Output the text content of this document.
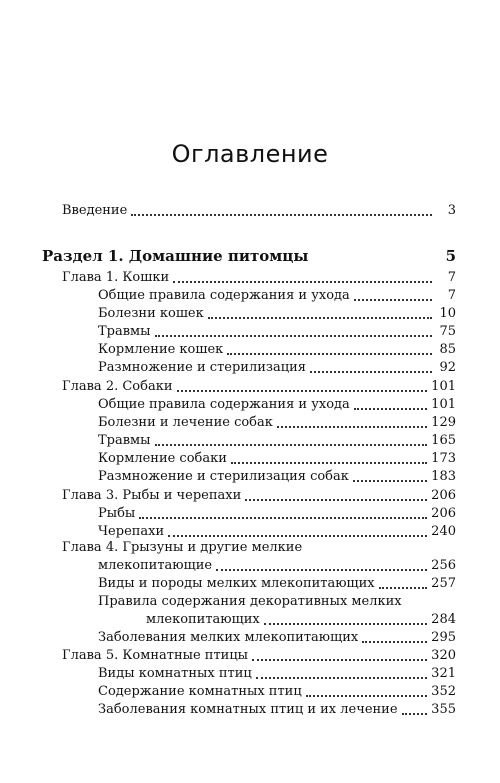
Оглавление
Введение	3
Раздел 1. Домашние питомцы	5
Глава 1. Кошки	7
Общие правила содержания и ухода	7
Болезни кошек	10
Травмы	75
Кормление кошек	85
Размножение и стерилизация	92
Глава 2. Собаки	101
Общие правила содержания и ухода	101
Болезни и лечение собак	129
Травмы	165
Кормление собаки	173
Размножение и стерилизация собак	183
Глава 3. Рыбы и черепахи	206
Рыбы	206
Черепахи	240
Глава 4. Грызуны и другие мелкие
млекопитающие	256
Виды и породы мелких млекопитающих	257
Правила содержания декоративных мелких
млекопитающих	284
Заболевания мелких млекопитающих	295
Глава 5. Комнатные птицы	320
Виды комнатных птиц	321
Содержание комнатных птиц	352
Заболевания комнатных птиц и их лечение	355
